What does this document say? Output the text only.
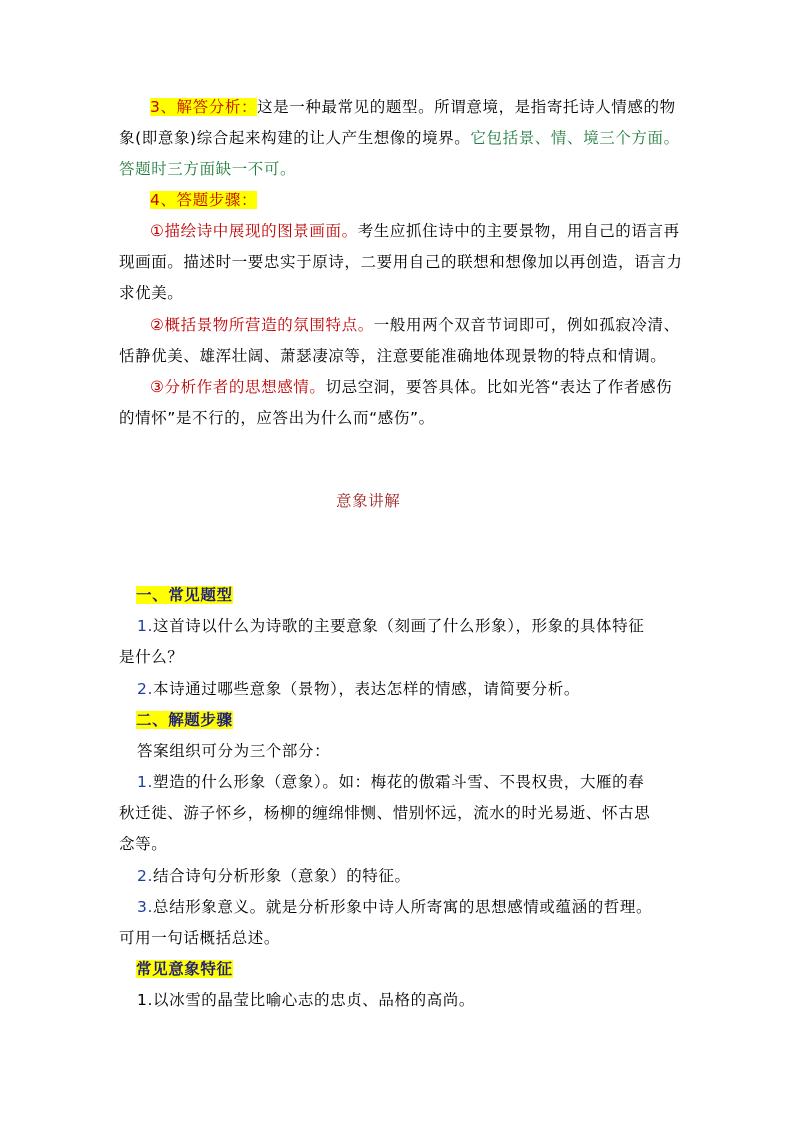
3、解答分析：这是一种最常见的题型。所谓意境，是指寄托诗人情感的物
象(即意象)综合起来构建的让人产生想像的境界。它包括景、情、境三个方面。
答题时三方面缺一不可。
4、答题步骤：
①描绘诗中展现的图景画面。考生应抓住诗中的主要景物，用自己的语言再
现画面。描述时一要忠实于原诗，二要用自己的联想和想像加以再创造，语言力
求优美。
②概括景物所营造的氛围特点。一般用两个双音节词即可，例如孤寂冷清、
恬静优美、雄浑壮阔、萧瑟凄凉等，注意要能准确地体现景物的特点和情调。
③分析作者的思想感情。切忌空洞，要答具体。比如光答“表达了作者感伤
的情怀”是不行的，应答出为什么而“感伤”。
意象讲解
一、常见题型
1.这首诗以什么为诗歌的主要意象（刻画了什么形象），形象的具体特征
是什么？
2.本诗通过哪些意象（景物），表达怎样的情感，请简要分析。
二、解题步骤
答案组织可分为三个部分：
1.塑造的什么形象（意象）。如：梅花的傲霜斗雪、不畏权贵，大雁的春
秋迁徙、游子怀乡，杨柳的缠绵悱恻、惜别怀远，流水的时光易逝、怀古思
念等。
2.结合诗句分析形象（意象）的特征。
3.总结形象意义。就是分析形象中诗人所寄寓的思想感情或蕴涵的哲理。
可用一句话概括总述。
常见意象特征
1.以冰雪的晶莹比喻心志的忠贞、品格的高尚。
